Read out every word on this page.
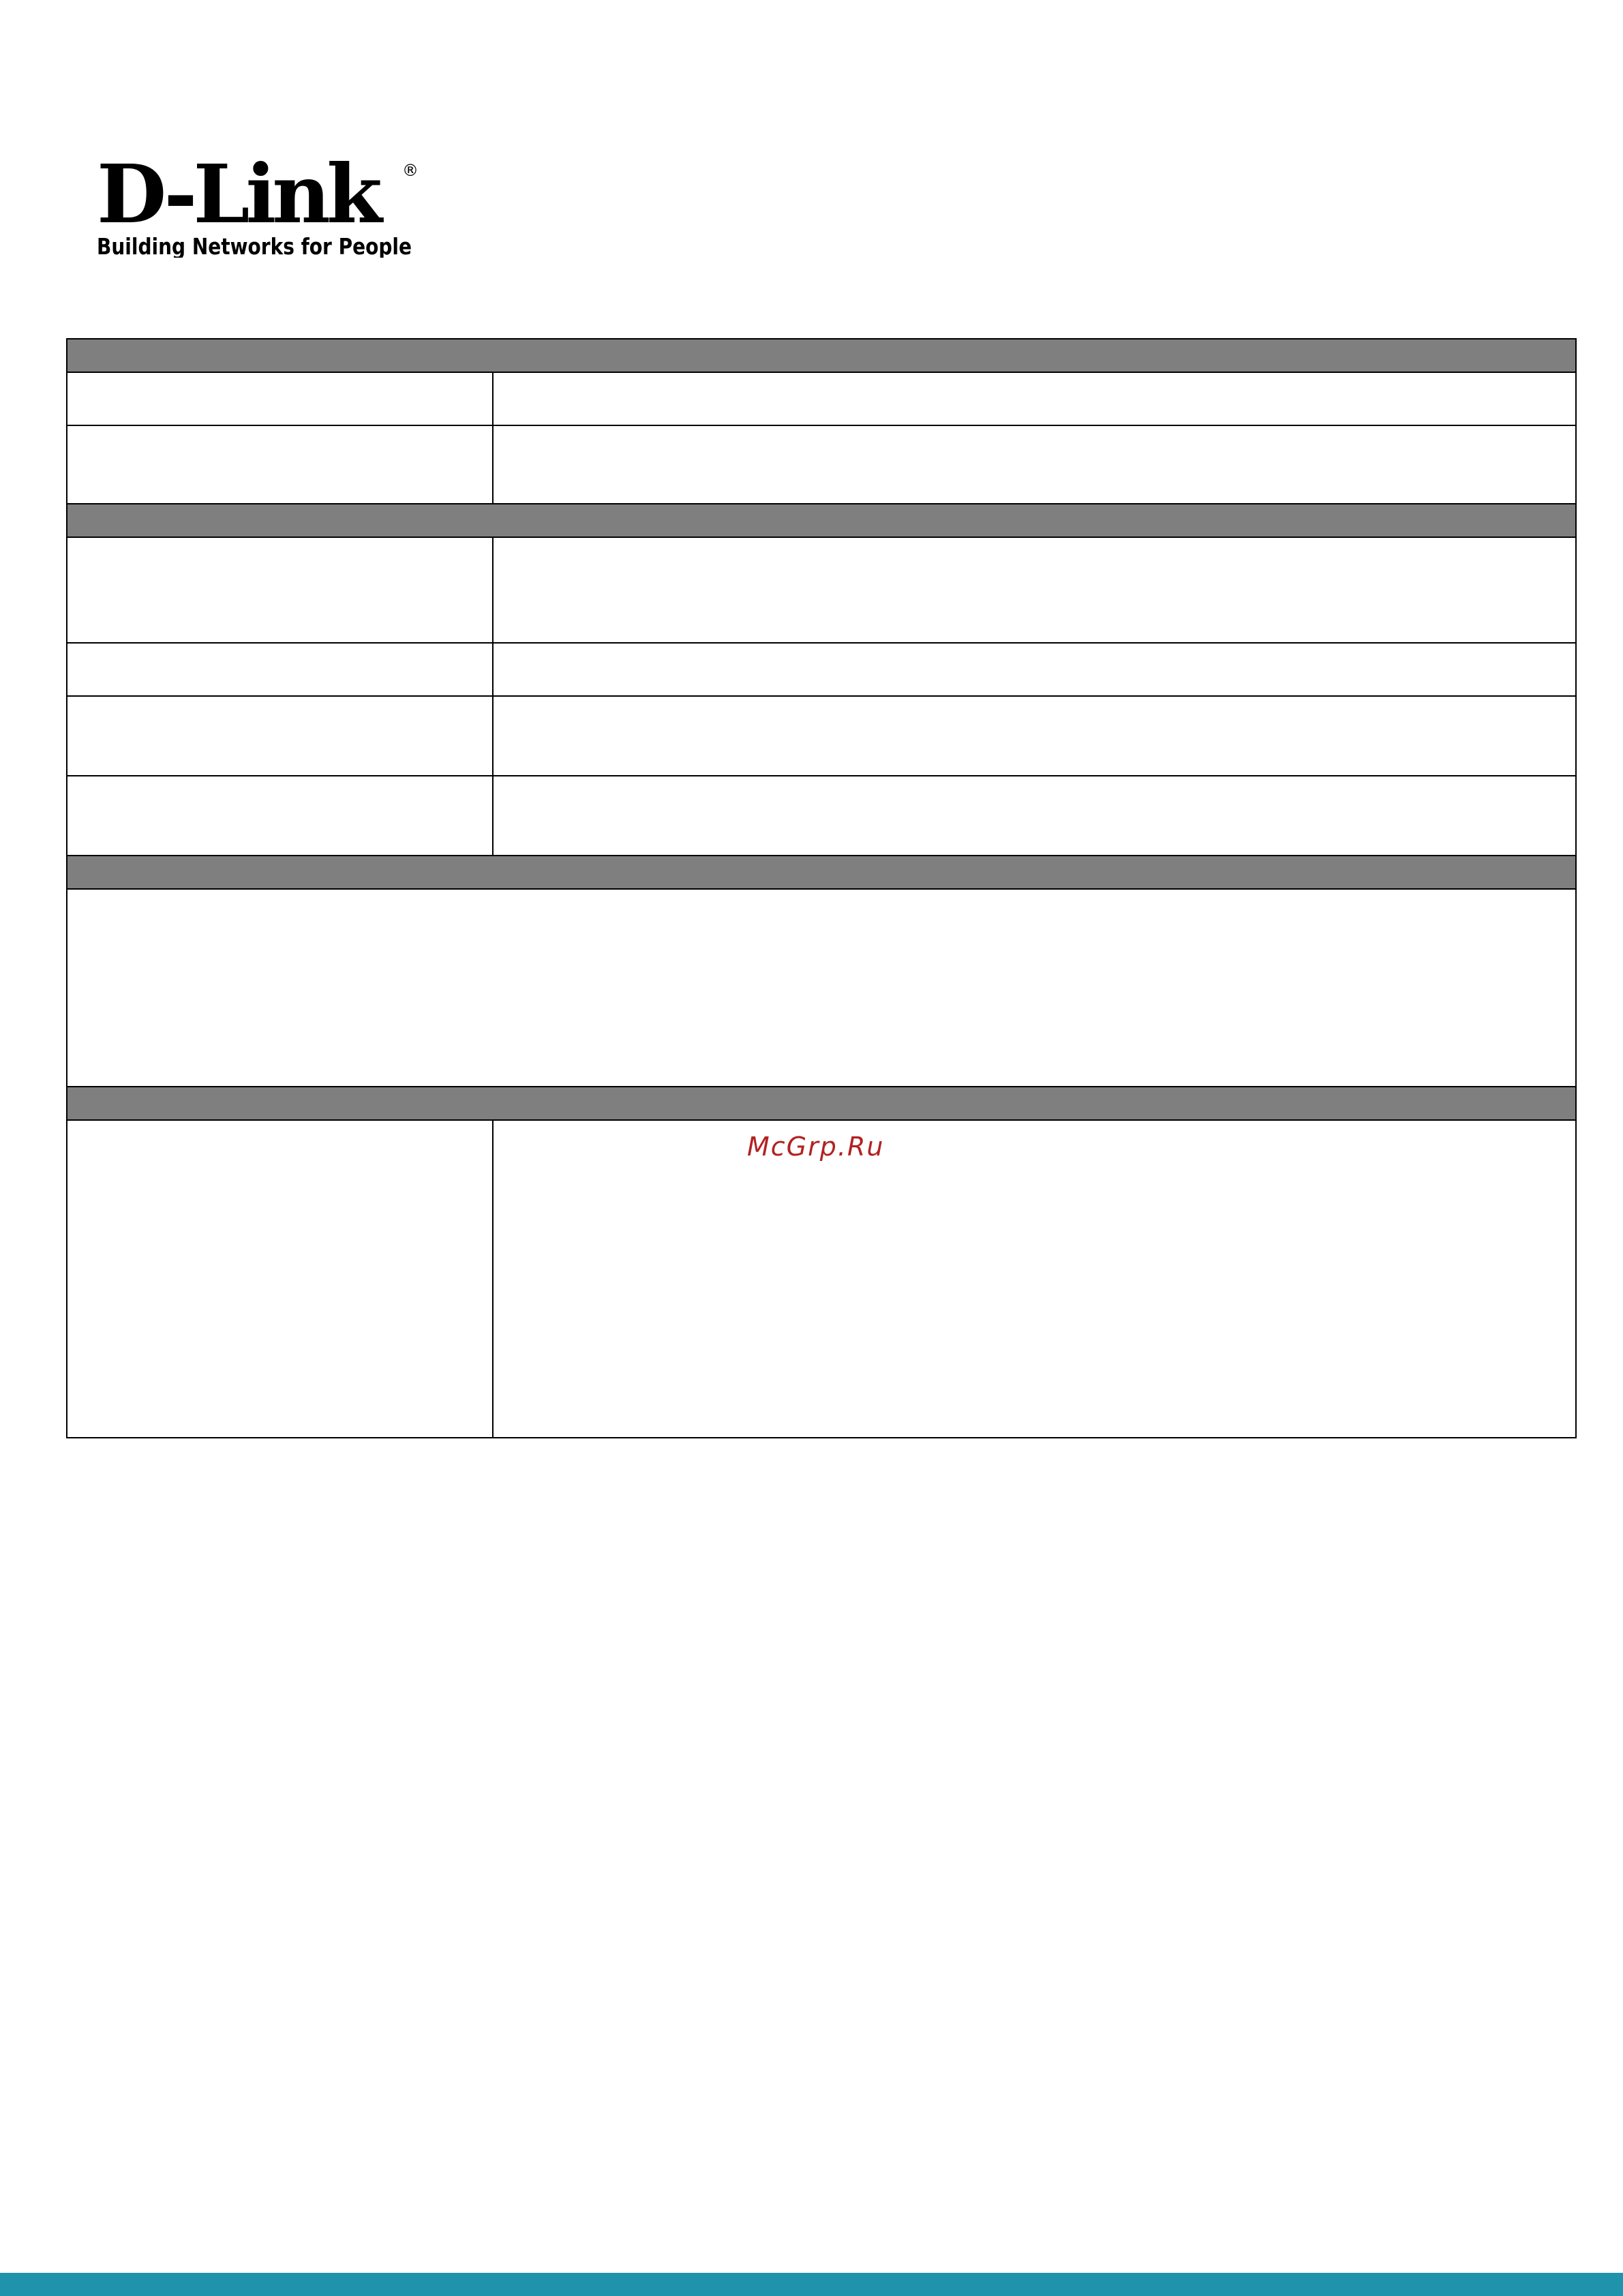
D-Link	®
Building Networks for People

McGrp.Ru
